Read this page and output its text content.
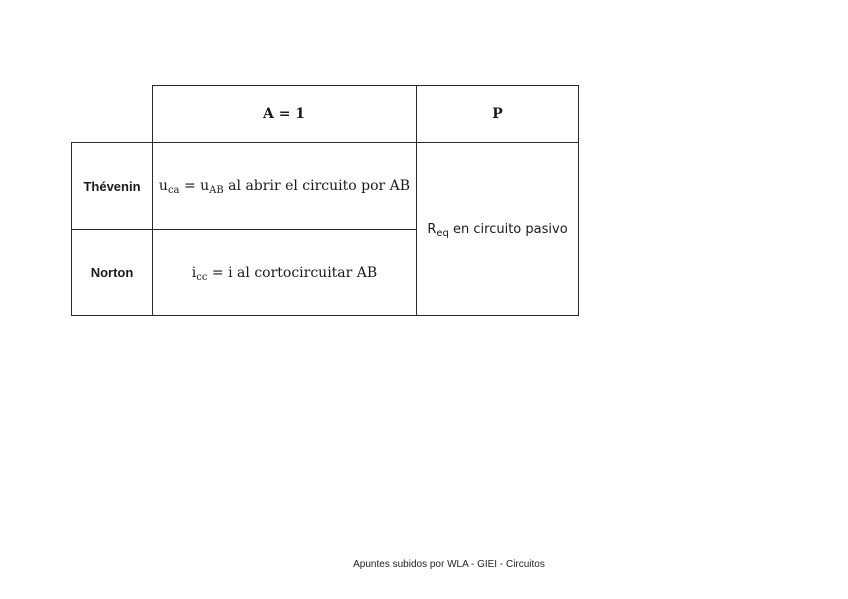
A = 1	P
Thévenin
Norton
$u_{ca} = u_{AB}$ al abrir el circuito por AB
$i_{cc} = i$ al cortocircuitar AB
$R_{eq}$ en circuito pasivo
Apuntes subidos por WLA - GIEI - Circuitos
